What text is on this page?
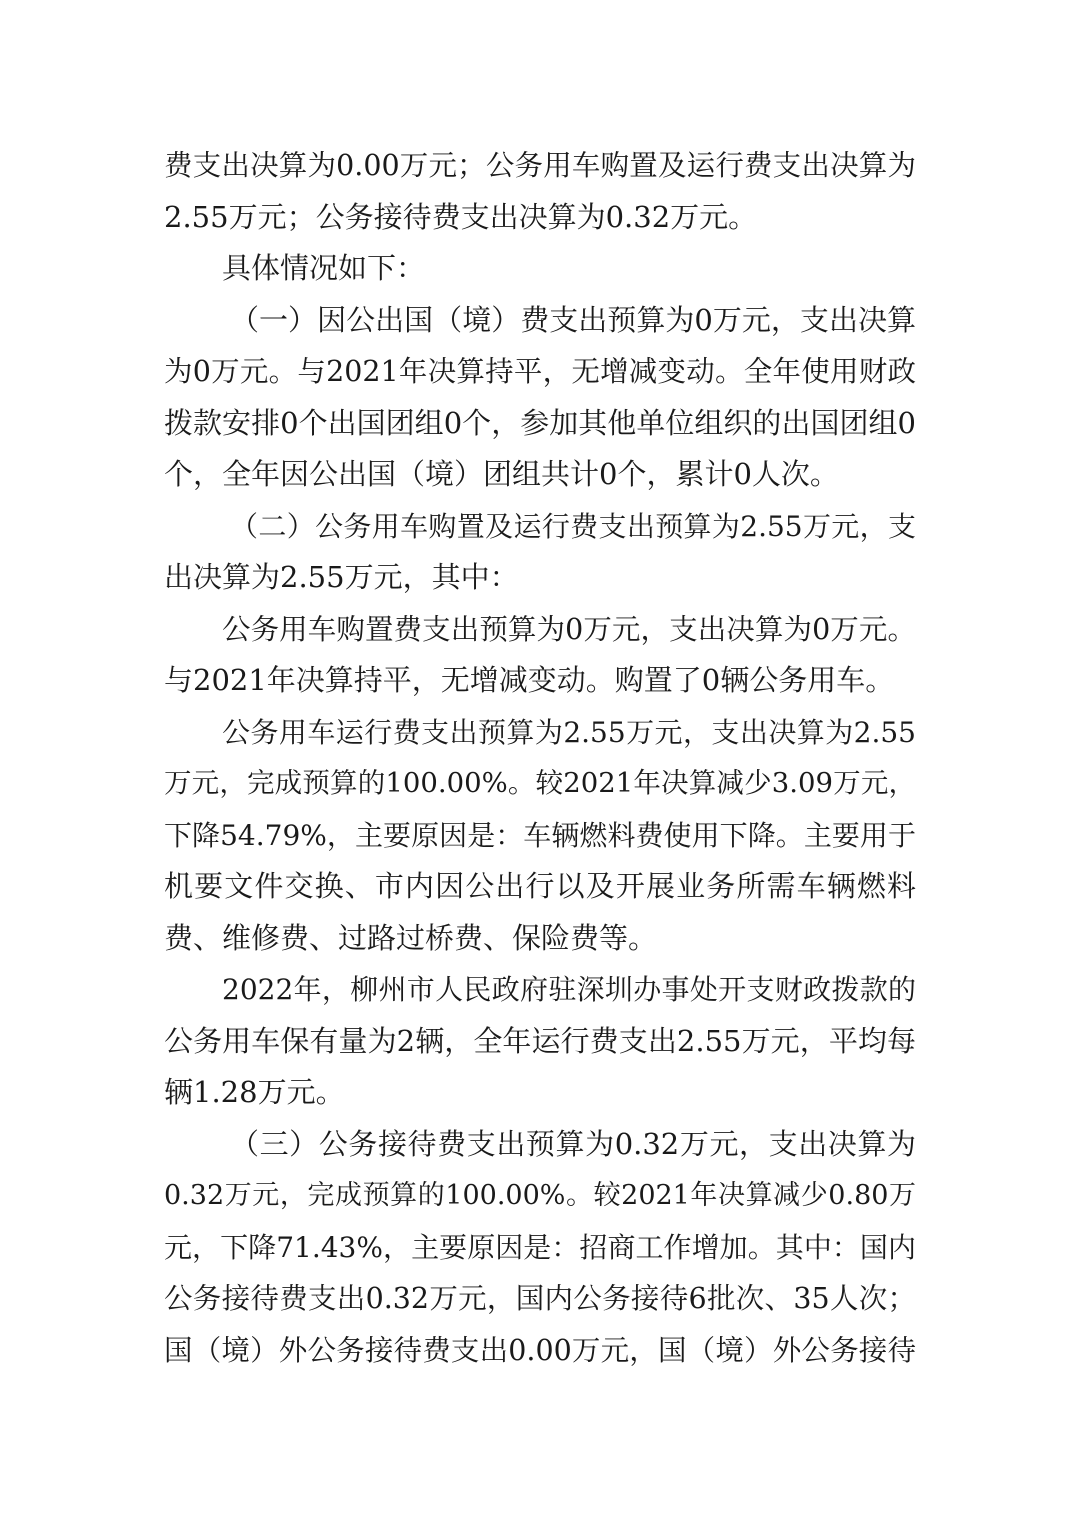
费支出决算为0.00万元；公务用车购置及运行费支出决算为
2.55万元；公务接待费支出决算为0.32万元。
具体情况如下：
（一）因公出国（境）费支出预算为0万元，支出决算
为0万元。与2021年决算持平，无增减变动。全年使用财政
拨款安排0个出国团组0个，参加其他单位组织的出国团组0
个，全年因公出国（境）团组共计0个，累计0人次。
（二）公务用车购置及运行费支出预算为2.55万元，支
出决算为2.55万元，其中：
公务用车购置费支出预算为0万元，支出决算为0万元。
与2021年决算持平，无增减变动。购置了0辆公务用车。
公务用车运行费支出预算为2.55万元，支出决算为2.55
万元，完成预算的100.00%。较2021年决算减少3.09万元，
下降54.79%，主要原因是：车辆燃料费使用下降。主要用于
机要文件交换、市内因公出行以及开展业务所需车辆燃料
费、维修费、过路过桥费、保险费等。
2022年，柳州市人民政府驻深圳办事处开支财政拨款的
公务用车保有量为2辆，全年运行费支出2.55万元，平均每
辆1.28万元。
（三）公务接待费支出预算为0.32万元，支出决算为
0.32万元，完成预算的100.00%。较2021年决算减少0.80万
元，下降71.43%，主要原因是：招商工作增加。其中：国内
公务接待费支出0.32万元，国内公务接待6批次、35人次；
国（境）外公务接待费支出0.00万元，国（境）外公务接待
